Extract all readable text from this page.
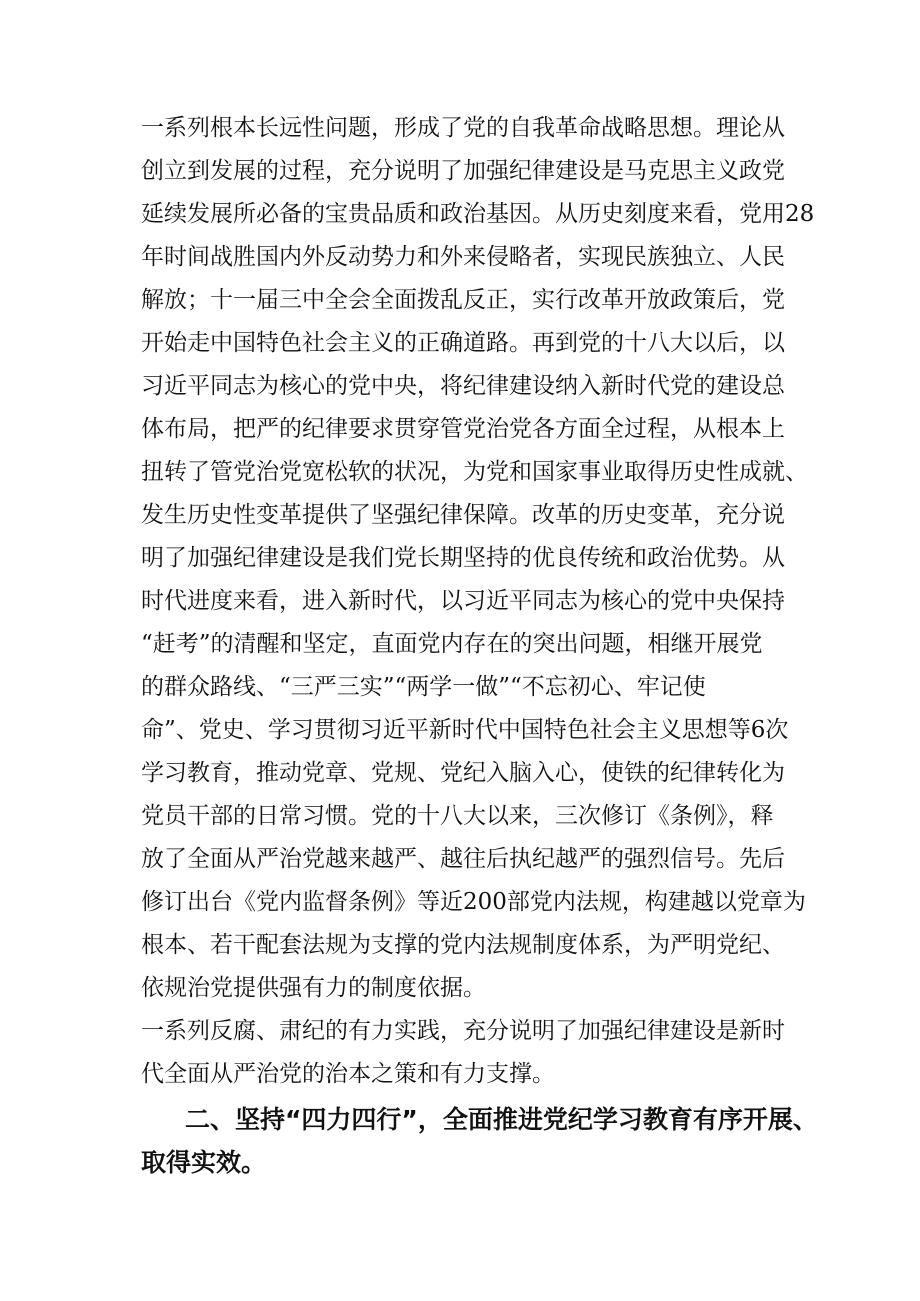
一系列根本长远性问题，形成了党的自我革命战略思想。理论从
创立到发展的过程，充分说明了加强纪律建设是马克思主义政党
延续发展所必备的宝贵品质和政治基因。从历史刻度来看，党用28
年时间战胜国内外反动势力和外来侵略者，实现民族独立、人民
解放；十一届三中全会全面拨乱反正，实行改革开放政策后，党
开始走中国特色社会主义的正确道路。再到党的十八大以后，以
习近平同志为核心的党中央，将纪律建设纳入新时代党的建设总
体布局，把严的纪律要求贯穿管党治党各方面全过程，从根本上
扭转了管党治党宽松软的状况，为党和国家事业取得历史性成就、
发生历史性变革提供了坚强纪律保障。改革的历史变革，充分说
明了加强纪律建设是我们党长期坚持的优良传统和政治优势。从
时代进度来看，进入新时代，以习近平同志为核心的党中央保持
“赶考”的清醒和坚定，直面党内存在的突出问题，相继开展党
的群众路线、“三严三实”“两学一做”“不忘初心、牢记使
命”、党史、学习贯彻习近平新时代中国特色社会主义思想等6次
学习教育，推动党章、党规、党纪入脑入心，使铁的纪律转化为
党员干部的日常习惯。党的十八大以来，三次修订《条例》，释
放了全面从严治党越来越严、越往后执纪越严的强烈信号。先后
修订出台《党内监督条例》等近200部党内法规，构建越以党章为
根本、若干配套法规为支撑的党内法规制度体系，为严明党纪、
依规治党提供强有力的制度依据。
一系列反腐、肃纪的有力实践，充分说明了加强纪律建设是新时
代全面从严治党的治本之策和有力支撑。
二、坚持“四力四行”，全面推进党纪学习教育有序开展、
取得实效。
